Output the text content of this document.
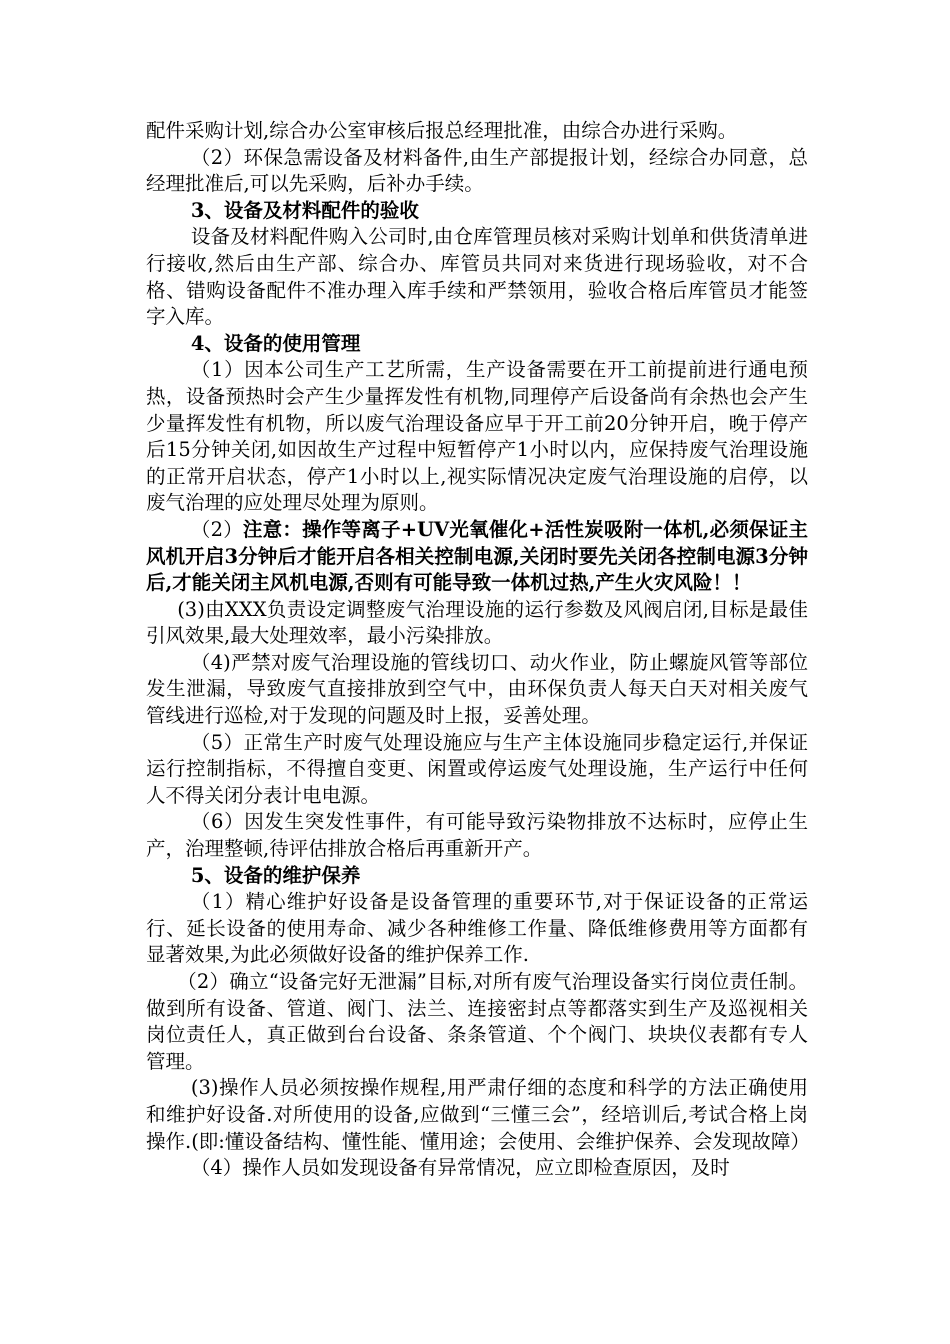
配件采购计划,综合办公室审核后报总经理批准，由综合办进行采购。

（2）环保急需设备及材料备件,由生产部提报计划，经综合办同意，总经理批准后,可以先采购，后补办手续。

3、设备及材料配件的验收

设备及材料配件购入公司时,由仓库管理员核对采购计划单和供货清单进行接收,然后由生产部、综合办、库管员共同对来货进行现场验收，对不合格、错购设备配件不准办理入库手续和严禁领用，验收合格后库管员才能签字入库。

4、设备的使用管理

（1）因本公司生产工艺所需，生产设备需要在开工前提前进行通电预热，设备预热时会产生少量挥发性有机物,同理停产后设备尚有余热也会产生少量挥发性有机物，所以废气治理设备应早于开工前20分钟开启，晚于停产后15分钟关闭,如因故生产过程中短暂停产1小时以内，应保持废气治理设施的正常开启状态，停产1小时以上,视实际情况决定废气治理设施的启停，以废气治理的应处理尽处理为原则。

（2）注意：操作等离子+UV光氧催化+活性炭吸附一体机,必须保证主风机开启3分钟后才能开启各相关控制电源,关闭时要先关闭各控制电源3分钟后,才能关闭主风机电源,否则有可能导致一体机过热,产生火灾风险！！

(3)由XXX负责设定调整废气治理设施的运行参数及风阀启闭,目标是最佳引风效果,最大处理效率，最小污染排放。

（4)严禁对废气治理设施的管线切口、动火作业，防止螺旋风管等部位发生泄漏，导致废气直接排放到空气中，由环保负责人每天白天对相关废气管线进行巡检,对于发现的问题及时上报，妥善处理。

（5）正常生产时废气处理设施应与生产主体设施同步稳定运行,并保证运行控制指标，不得擅自变更、闲置或停运废气处理设施，生产运行中任何人不得关闭分表计电电源。

（6）因发生突发性事件，有可能导致污染物排放不达标时，应停止生产，治理整顿,待评估排放合格后再重新开产。

5、设备的维护保养

（1）精心维护好设备是设备管理的重要环节,对于保证设备的正常运行、延长设备的使用寿命、减少各种维修工作量、降低维修费用等方面都有显著效果,为此必须做好设备的维护保养工作.

（2）确立“设备完好无泄漏”目标,对所有废气治理设备实行岗位责任制。做到所有设备、管道、阀门、法兰、连接密封点等都落实到生产及巡视相关岗位责任人，真正做到台台设备、条条管道、个个阀门、块块仪表都有专人管理。

(3)操作人员必须按操作规程,用严肃仔细的态度和科学的方法正确使用和维护好设备.对所使用的设备,应做到“三懂三会”，经培训后,考试合格上岗操作.(即:懂设备结构、懂性能、懂用途；会使用、会维护保养、会发现故障）

（4）操作人员如发现设备有异常情况，应立即检查原因，及时
